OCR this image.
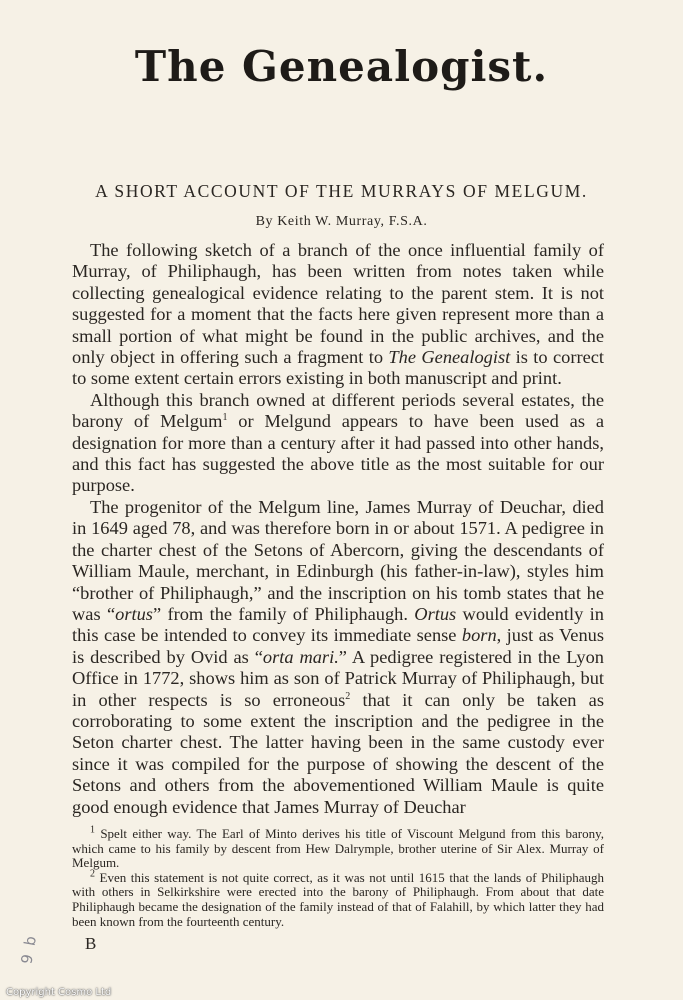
The Genealogist.
A SHORT ACCOUNT OF THE MURRAYS OF MELGUM.
By Keith W. Murray, F.S.A.

The following sketch of a branch of the once influential family of Murray, of Philiphaugh, has been written from notes taken while collecting genealogical evidence relating to the parent stem. It is not suggested for a moment that the facts here given represent more than a small portion of what might be found in the public archives, and the only object in offering such a fragment to The Genealogist is to correct to some extent certain errors existing in both manuscript and print.

Although this branch owned at different periods several estates, the barony of Melgum$^1$ or Melgund appears to have been used as a designation for more than a century after it had passed into other hands, and this fact has suggested the above title as the most suitable for our purpose.

The progenitor of the Melgum line, James Murray of Deuchar, died in 1649 aged 78, and was therefore born in or about 1571. A pedigree in the charter chest of the Setons of Abercorn, giving the descendants of William Maule, merchant, in Edinburgh (his father-in-law), styles him “brother of Philiphaugh,” and the inscription on his tomb states that he was “ortus” from the family of Philiphaugh. Ortus would evidently in this case be intended to convey its immediate sense born, just as Venus is described by Ovid as “orta mari.” A pedigree registered in the Lyon Office in 1772, shows him as son of Patrick Murray of Philiphaugh, but in other respects is so erroneous$^2$ that it can only be taken as corroborating to some extent the inscription and the pedigree in the Seton charter chest. The latter having been in the same custody ever since it was compiled for the purpose of showing the descent of the Setons and others from the abovementioned William Maule is quite good enough evidence that James Murray of Deuchar

$^1$ Spelt either way. The Earl of Minto derives his title of Viscount Melgund from this barony, which came to his family by descent from Hew Dalrymple, brother uterine of Sir Alex. Murray of Melgum.

$^2$ Even this statement is not quite correct, as it was not until 1615 that the lands of Philiphaugh with others in Selkirkshire were erected into the barony of Philiphaugh. From about that date Philiphaugh became the designation of the family instead of that of Falahill, by which latter they had been known from the fourteenth century.

B
9 b
Copyright Cosmo Ltd
